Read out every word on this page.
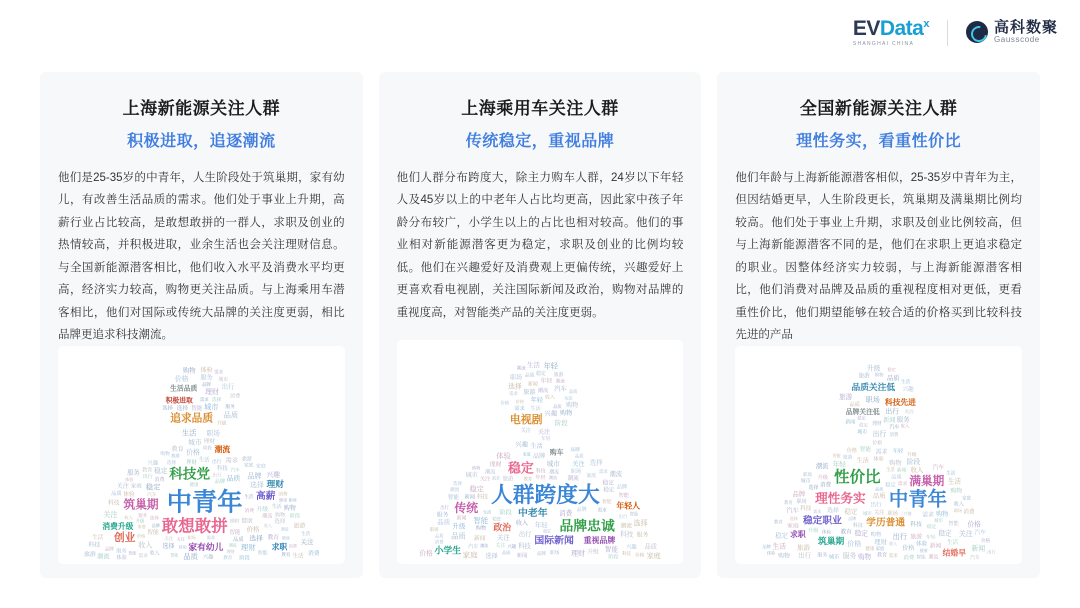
EVData$^x$
SHANGHAI CHINA
高科数聚
Gausscode
上海新能源关注人群
积极进取，追逐潮流
他们是25-35岁的中青年，人生阶段处于筑巢期，家有幼儿，有改善生活品质的需求。他们处于事业上升期，高薪行业占比较高，是敢想敢拼的一群人，求职及创业的热情较高，并积极进取，业余生活也会关注理财信息。与全国新能源潜客相比，他们收入水平及消费水平均更高，经济实力较高，购物更关注品质。与上海乘用车潜客相比，他们对国际或传统大品牌的关注度更弱，相比品牌更追求科技潮流。
中青年
敢想敢拼
科技党
筑巢期
追求品质
创业
高薪
理财
家有幼儿
消费升级
潮流
求职
生活品质
积极进取
潮流
理财
价格
家庭
服务
稳定
服务
价格
理财
理财
智能
品牌
选择
消费
智能
品牌
生活
品质
教育
选择
健康
健康
智能
购物
教育
品牌
品牌
科技
出行
生活
体验
智能
智能
选择
品质
关注
选择
科技
生活
潮流
旅游
收入
生活
职场
购物
兴趣
体验
服务
科技
收入
消费
兴趣	需求
城市
收入
教育
品质
消费
教育
旅游	消费
关注
生活
选择
体验
阶段
购物
兴趣
旅游
阶段
智能
阶段
消费
品质
汽车
选择
价格
收入
升级
职场
家庭
出行
升级
选择
健康
服务
旅游
生活
购物
家庭
品质
消费
理财
城市
关注
关注
家庭
升级
稳定
城市
潮流
健康
体验
出行
选择
需求
潮流
新闻
关注
价格
教育
汽车
理财
体验
出行
需求
需求
品牌
需求
服务
选择
生活
理财
上海乘用车关注人群
传统稳定，重视品牌
他们人群分布跨度大，除主力购车人群，24岁以下年轻人及45岁以上的中老年人占比均更高，因此家中孩子年龄分布较广，小学生以上的占比也相对较高。他们的事业相对新能源潜客更为稳定，求职及创业的比例均较低。他们在兴趣爱好及消费观上更偏传统，兴趣爱好上更喜欢看电视剧，关注国际新闻及政治，购物对品牌的重视度高，对智能类产品的关注度更弱。
人群跨度大
品牌忠诚
稳定
传统
电视剧
国际新闻
中老年
小学生
政治
重视品牌
年轻人
购车
年轻
城市
稳定
家庭
品牌
新闻
出行
品牌
兴趣
购物
关注
智能
需求
城市
职场
潮流
家庭
稳定
出行
收入
智能
汽车
潮流
兴趣
生活
品质
品质
关注
关注
职场
年轻
品牌
服务
需求
升级
年轻
职场
潮流
潮流
科技
智能
潮流
选择
生活
潮流
智能
品质
体验
出行
汽车
消费
需求
智能
旅游
品质
关注
购物
稳定
阶段
科技
品质
潮流
关注
价格	新闻	理财
阶段
科技
需求
购物
品质
选择
年轻
家庭
升级
新闻
品质
关注
生活
关注
品牌
兴趣
选择
家庭
选择
价格
需求
新闻
家庭
收入
年轻
理财
选择
价格
年轻
潮流
价格
品质
购物
智能
稳定
旅游
品质
科技
潮流
生活
职场
服务
品牌
旅游 教育
阶段
消费
新闻
科技
兴趣
潮流
潮流
稳定
全国新能源关注人群
理性务实，看重性价比
他们年龄与上海新能源潜客相似，25-35岁中青年为主，但因结婚更早，人生阶段更长，筑巢期及满巢期比例均较高。他们处于事业上升期，求职及创业比例较高，但与上海新能源潜客不同的是，他们在求职上更追求稳定的职业。因整体经济实力较弱，与上海新能源潜客相比，他们消费对品牌及品质的重视程度相对更低，更看重性价比，他们期望能够在较合适的价格买到比较科技先进的产品
中青年
性价比
理性务实
满巢期
学历普通
稳定职业
品质关注低
筑巢期
结婚早
求职
科技先进
品牌关注低
理财
潮流
体验
稳定
关注
教育
汽车
职场
教育
城市
旅游
品质
稳定
价格
教育
体验
新闻
稳定
收入
购物
消费
生活
生活
品质
城市
潮流
出行
收入
选择
职场
阶段
生活
体验
旅游
稳定
旅游
服务
价格
关注
消费
汽车
理财
年轻
智能
旅游
升级
品质
智能
购物
需求
健康
稳定
消费
购物
品牌
生活
品牌
服务
职场
出行
教育
汽车
科技
出行
年轻
出行
生活
价格
生活
需求
选择
新闻
购物
购物
价格
购物
兴趣
年轻
城市
科技
消费
需求
新闻
稳定
升级
服务
稳定
稳定
旅游
职场
购物
健康
汽车
出行
科技
城市
升级
兴趣
升级
出行
家庭
关注
收入
品质
价格
稳定
汽车
家庭
体验
价格
品质
生活
品牌
城市
家庭
收入
职场
需求
需求
新闻
选择
智能
新闻
智能
